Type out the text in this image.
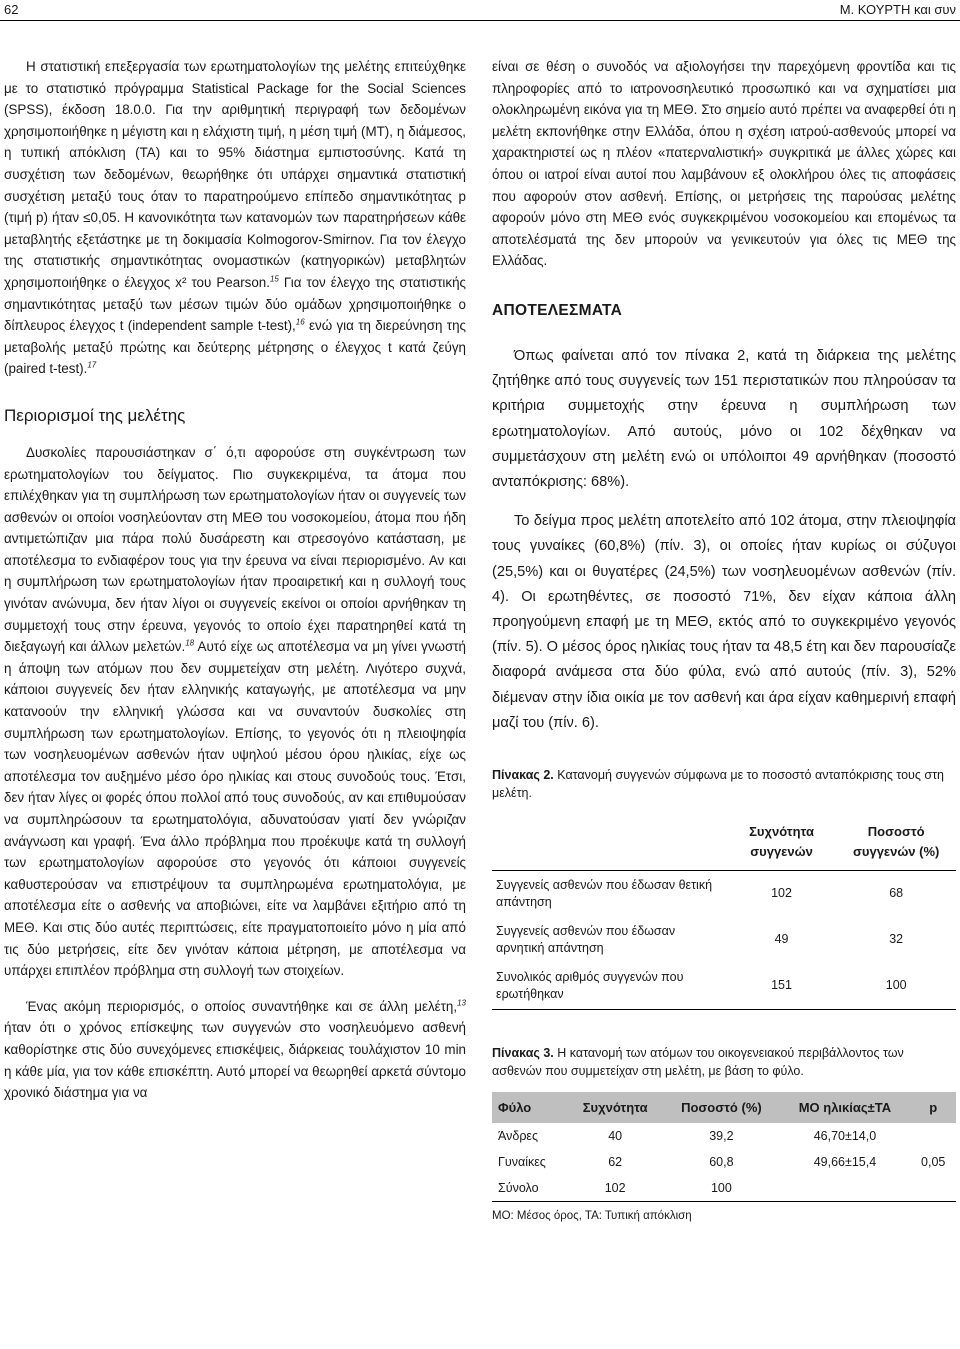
62	Μ. ΚΟΥΡΤΗ και συν

Η στατιστική επεξεργασία των ερωτηματολογίων της μελέτης επιτεύχθηκε με το στατιστικό πρόγραμμα Statistical Package for the Social Sciences (SPSS), έκδοση 18.0.0. Για την αριθμητική περιγραφή των δεδομένων χρησιμοποιήθηκε η μέγιστη και η ελάχιστη τιμή, η μέση τιμή (ΜΤ), η διάμεσος, η τυπική απόκλιση (ΤΑ) και το 95% διάστημα εμπιστοσύνης. Κατά τη συσχέτιση των δεδομένων, θεωρήθηκε ότι υπάρχει σημαντικά στατιστική συσχέτιση μεταξύ τους όταν το παρατηρούμενο επίπεδο σημαντικότητας p (τιμή p) ήταν ≤0,05. Η κανονικότητα των κατανομών των παρατηρήσεων κάθε μεταβλητής εξετάστηκε με τη δοκιμασία Kolmogorov-Smirnov. Για τον έλεγχο της στατιστικής σημαντικότητας ονομαστικών (κατηγορικών) μεταβλητών χρησιμοποιήθηκε ο έλεγχος x² του Pearson.$^{15}$ Για τον έλεγχο της στατιστικής σημαντικότητας μεταξύ των μέσων τιμών δύο ομάδων χρησιμοποιήθηκε ο δίπλευρος έλεγχος t (independent sample t-test),$^{16}$ ενώ για τη διερεύνηση της μεταβολής μεταξύ πρώτης και δεύτερης μέτρησης ο έλεγχος t κατά ζεύγη (paired t-test).$^{17}$

Περιορισμοί της μελέτης

Δυσκολίες παρουσιάστηκαν σ΄ ό,τι αφορούσε στη συγκέντρωση των ερωτηματολογίων του δείγματος. Πιο συγκεκριμένα, τα άτομα που επιλέχθηκαν για τη συμπλήρωση των ερωτηματολογίων ήταν οι συγγενείς των ασθενών οι οποίοι νοσηλεύονταν στη ΜΕΘ του νοσοκομείου, άτομα που ήδη αντιμετώπιζαν μια πάρα πολύ δυσάρεστη και στρεσογόνο κατάσταση, με αποτέλεσμα το ενδιαφέρον τους για την έρευνα να είναι περιορισμένο. Αν και η συμπλήρωση των ερωτηματολογίων ήταν προαιρετική και η συλλογή τους γινόταν ανώνυμα, δεν ήταν λίγοι οι συγγενείς εκείνοι οι οποίοι αρνήθηκαν τη συμμετοχή τους στην έρευνα, γεγονός το οποίο έχει παρατηρηθεί κατά τη διεξαγωγή και άλλων μελετών.$^{18}$ Αυτό είχε ως αποτέλεσμα να μη γίνει γνωστή η άποψη των ατόμων που δεν συμμετείχαν στη μελέτη. Λιγότερο συχνά, κάποιοι συγγενείς δεν ήταν ελληνικής καταγωγής, με αποτέλεσμα να μην κατανοούν την ελληνική γλώσσα και να συναντούν δυσκολίες στη συμπλήρωση των ερωτηματολογίων. Επίσης, το γεγονός ότι η πλειοψηφία των νοσηλευομένων ασθενών ήταν υψηλού μέσου όρου ηλικίας, είχε ως αποτέλεσμα τον αυξημένο μέσο όρο ηλικίας και στους συνοδούς τους. Έτσι, δεν ήταν λίγες οι φορές όπου πολλοί από τους συνοδούς, αν και επιθυμούσαν να συμπληρώσουν τα ερωτηματολόγια, αδυνατούσαν γιατί δεν γνώριζαν ανάγνωση και γραφή. Ένα άλλο πρόβλημα που προέκυψε κατά τη συλλογή των ερωτηματολογίων αφορούσε στο γεγονός ότι κάποιοι συγγενείς καθυστερούσαν να επιστρέψουν τα συμπληρωμένα ερωτηματολόγια, με αποτέλεσμα είτε ο ασθενής να αποβιώνει, είτε να λαμβάνει εξιτήριο από τη ΜΕΘ. Και στις δύο αυτές περιπτώσεις, είτε πραγματοποιείτο μόνο η μία από τις δύο μετρήσεις, είτε δεν γινόταν κάποια μέτρηση, με αποτέλεσμα να υπάρχει επιπλέον πρόβλημα στη συλλογή των στοιχείων.

Ένας ακόμη περιορισμός, ο οποίος συναντήθηκε και σε άλλη μελέτη,$^{13}$ ήταν ότι ο χρόνος επίσκεψης των συγγενών στο νοσηλευόμενο ασθενή καθορίστηκε στις δύο συνεχόμενες επισκέψεις, διάρκειας τουλάχιστον 10 min η κάθε μία, για τον κάθε επισκέπτη. Αυτό μπορεί να θεωρηθεί αρκετά σύντομο χρονικό διάστημα για να

είναι σε θέση ο συνοδός να αξιολογήσει την παρεχόμενη φροντίδα και τις πληροφορίες από το ιατρονοσηλευτικό προσωπικό και να σχηματίσει μια ολοκληρωμένη εικόνα για τη ΜΕΘ. Στο σημείο αυτό πρέπει να αναφερθεί ότι η μελέτη εκπονήθηκε στην Ελλάδα, όπου η σχέση ιατρού-ασθενούς μπορεί να χαρακτηριστεί ως η πλέον «πατερναλιστική» συγκριτικά με άλλες χώρες και όπου οι ιατροί είναι αυτοί που λαμβάνουν εξ ολοκλήρου όλες τις αποφάσεις που αφορούν στον ασθενή. Επίσης, οι μετρήσεις της παρούσας μελέτης αφορούν μόνο στη ΜΕΘ ενός συγκεκριμένου νοσοκομείου και επομένως τα αποτελέσματά της δεν μπορούν να γενικευτούν για όλες τις ΜΕΘ της Ελλάδας.

ΑΠΟΤΕΛΕΣΜΑΤΑ

Όπως φαίνεται από τον πίνακα 2, κατά τη διάρκεια της μελέτης ζητήθηκε από τους συγγενείς των 151 περιστατικών που πληρούσαν τα κριτήρια συμμετοχής στην έρευνα η συμπλήρωση των ερωτηματολογίων. Από αυτούς, μόνο οι 102 δέχθηκαν να συμμετάσχουν στη μελέτη ενώ οι υπόλοιποι 49 αρνήθηκαν (ποσοστό ανταπόκρισης: 68%).

Το δείγμα προς μελέτη αποτελείτο από 102 άτομα, στην πλειοψηφία τους γυναίκες (60,8%) (πίν. 3), οι οποίες ήταν κυρίως οι σύζυγοι (25,5%) και οι θυγατέρες (24,5%) των νοσηλευομένων ασθενών (πίν. 4). Οι ερωτηθέντες, σε ποσοστό 71%, δεν είχαν κάποια άλλη προηγούμενη επαφή με τη ΜΕΘ, εκτός από το συγκεκριμένο γεγονός (πίν. 5). Ο μέσος όρος ηλικίας τους ήταν τα 48,5 έτη και δεν παρουσίαζε διαφορά ανάμεσα στα δύο φύλα, ενώ από αυτούς (πίν. 3), 52% διέμεναν στην ίδια οικία με τον ασθενή και άρα είχαν καθημερινή επαφή μαζί του (πίν. 6).

Πίνακας 2. Κατανομή συγγενών σύμφωνα με το ποσοστό ανταπόκρισης τους στη μελέτη.
	Συχνότητα συγγενών	Ποσοστό συγγενών (%)
Συγγενείς ασθενών που έδωσαν θετική απάντηση	102	68
Συγγενείς ασθενών που έδωσαν αρνητική απάντηση	49	32
Συνολικός αριθμός συγγενών που ερωτήθηκαν	151	100
Πίνακας 3. Η κατανομή των ατόμων του οικογενειακού περιβάλλοντος των ασθενών που συμμετείχαν στη μελέτη, με βάση το φύλο.
Φύλο	Συχνότητα	Ποσοστό (%)	ΜΟ ηλικίας±ΤΑ	p
Άνδρες	40	39,2	46,70±14,0	
Γυναίκες	62	60,8	49,66±15,4	0,05
Σύνολο	102	100		
ΜΟ: Μέσος όρος, ΤΑ: Τυπική απόκλιση
